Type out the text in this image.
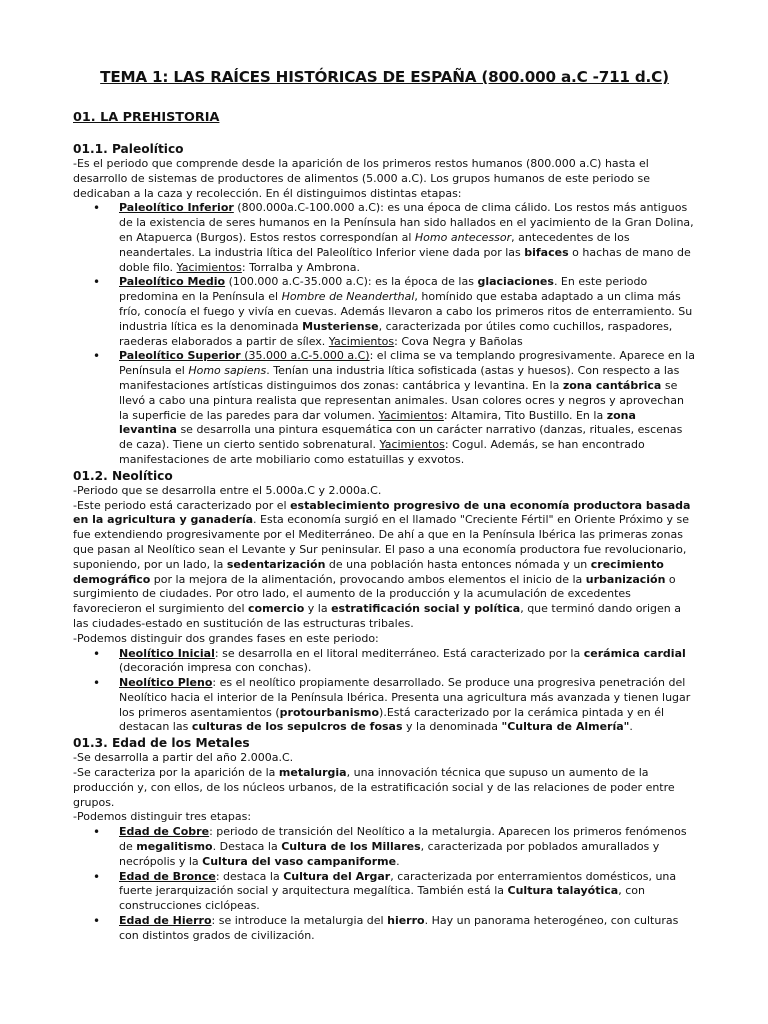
TEMA 1: LAS RAÍCES HISTÓRICAS DE ESPAÑA (800.000 a.C -711 d.C)
01. LA PREHISTORIA
01.1. Paleolítico
-Es el periodo que comprende desde la aparición de los primeros restos humanos (800.000 a.C) hasta el desarrollo de sistemas de productores de alimentos (5.000 a.C). Los grupos humanos de este periodo se dedicaban a la caza y recolección. En él distinguimos distintas etapas:
• Paleolítico Inferior (800.000a.C-100.000 a.C): es una época de clima cálido. Los restos más antiguos de la existencia de seres humanos en la Península han sido hallados en el yacimiento de la Gran Dolina, en Atapuerca (Burgos). Estos restos correspondían al Homo antecessor, antecedentes de los neandertales. La industria lítica del Paleolítico Inferior viene dada por las bifaces o hachas de mano de doble filo. Yacimientos: Torralba y Ambrona.
• Paleolítico Medio (100.000 a.C-35.000 a.C): es la época de las glaciaciones. En este periodo predomina en la Península el Hombre de Neanderthal, homínido que estaba adaptado a un clima más frío, conocía el fuego y vivía en cuevas. Además llevaron a cabo los primeros ritos de enterramiento. Su industria lítica es la denominada Musteriense, caracterizada por útiles como cuchillos, raspadores, raederas elaborados a partir de sílex. Yacimientos: Cova Negra y Bañolas
• Paleolítico Superior (35.000 a.C-5.000 a.C): el clima se va templando progresivamente. Aparece en la Península el Homo sapiens. Tenían una industria lítica sofisticada (astas y huesos). Con respecto a las manifestaciones artísticas distinguimos dos zonas: cantábrica y levantina. En la zona cantábrica se llevó a cabo una pintura realista que representan animales. Usan colores ocres y negros y aprovechan la superficie de las paredes para dar volumen. Yacimientos: Altamira, Tito Bustillo. En la zona levantina se desarrolla una pintura esquemática con un carácter narrativo (danzas, rituales, escenas de caza). Tiene un cierto sentido sobrenatural. Yacimientos: Cogul. Además, se han encontrado manifestaciones de arte mobiliario como estatuillas y exvotos.
01.2. Neolítico
-Periodo que se desarrolla entre el 5.000a.C y 2.000a.C.
-Este periodo está caracterizado por el establecimiento progresivo de una economía productora basada en la agricultura y ganadería. Esta economía surgió en el llamado "Creciente Fértil" en Oriente Próximo y se fue extendiendo progresivamente por el Mediterráneo. De ahí a que en la Península Ibérica las primeras zonas que pasan al Neolítico sean el Levante y Sur peninsular. El paso a una economía productora fue revolucionario, suponiendo, por un lado, la sedentarización de una población hasta entonces nómada y un crecimiento demográfico por la mejora de la alimentación, provocando ambos elementos el inicio de la urbanización o surgimiento de ciudades. Por otro lado, el aumento de la producción y la acumulación de excedentes favorecieron el surgimiento del comercio y la estratificación social y política, que terminó dando origen a las ciudades-estado en sustitución de las estructuras tribales.
-Podemos distinguir dos grandes fases en este periodo:
• Neolítico Inicial: se desarrolla en el litoral mediterráneo. Está caracterizado por la cerámica cardial (decoración impresa con conchas).
• Neolítico Pleno: es el neolítico propiamente desarrollado. Se produce una progresiva penetración del Neolítico hacia el interior de la Península Ibérica. Presenta una agricultura más avanzada y tienen lugar los primeros asentamientos (protourbanismo).Está caracterizado por la cerámica pintada y en él destacan las culturas de los sepulcros de fosas y la denominada "Cultura de Almería".
01.3. Edad de los Metales
-Se desarrolla a partir del año 2.000a.C.
-Se caracteriza por la aparición de la metalurgia, una innovación técnica que supuso un aumento de la producción y, con ellos, de los núcleos urbanos, de la estratificación social y de las relaciones de poder entre grupos.
-Podemos distinguir tres etapas:
• Edad de Cobre: periodo de transición del Neolítico a la metalurgia. Aparecen los primeros fenómenos de megalitismo. Destaca la Cultura de los Millares, caracterizada por poblados amurallados y necrópolis y la Cultura del vaso campaniforme.
• Edad de Bronce: destaca la Cultura del Argar, caracterizada por enterramientos domésticos, una fuerte jerarquización social y arquitectura megalítica. También está la Cultura talayótica, con construcciones ciclópeas.
• Edad de Hierro: se introduce la metalurgia del hierro. Hay un panorama heterogéneo, con culturas con distintos grados de civilización.
